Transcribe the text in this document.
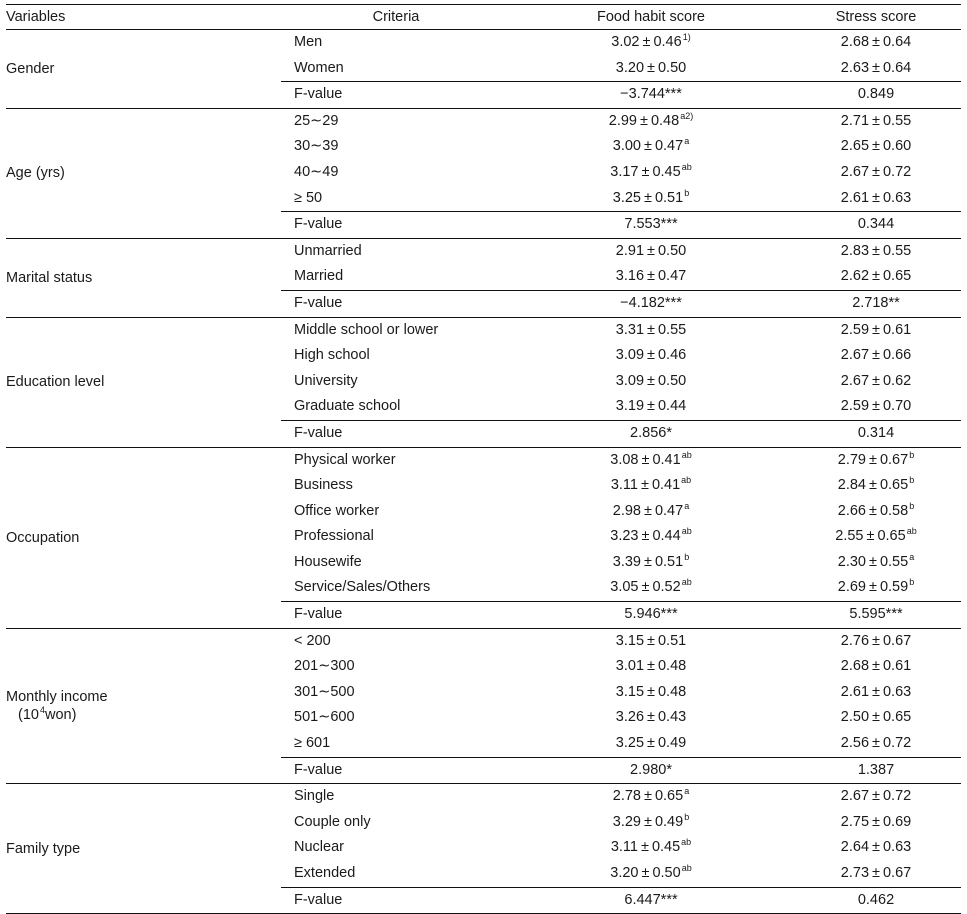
Variables	Criteria	Food habit score	Stress score

Gender	Men	$3.02 \pm 0.46^{1)}$	2.68 ± 0.64
	Women	3.20 ± 0.50	2.63 ± 0.64
	F-value	−3.744***	0.849

Age (yrs)	25∼29	$2.99 \pm 0.48^{a2)}$	2.71 ± 0.55
	30∼39	3.00 ± 0.47$^a$	2.65 ± 0.60
	40∼49	3.17 ± 0.45$^{ab}$	2.67 ± 0.72
	≥ 50	3.25 ± 0.51$^b$	2.61 ± 0.63
	F-value	7.553***	0.344

Marital status	Unmarried	2.91 ± 0.50	2.83 ± 0.55
	Married	3.16 ± 0.47	2.62 ± 0.65
	F-value	−4.182***	2.718**

Education level	Middle school or lower	3.31 ± 0.55	2.59 ± 0.61
	High school	3.09 ± 0.46	2.67 ± 0.66
	University	3.09 ± 0.50	2.67 ± 0.62
	Graduate school	3.19 ± 0.44	2.59 ± 0.70
	F-value	2.856*	0.314

Occupation	Physical worker	3.08 ± 0.41$^{ab}$	2.79 ± 0.67$^b$
	Business	3.11 ± 0.41$^{ab}$	2.84 ± 0.65$^b$
	Office worker	2.98 ± 0.47$^a$	2.66 ± 0.58$^b$
	Professional	3.23 ± 0.44$^{ab}$	2.55 ± 0.65$^{ab}$
	Housewife	3.39 ± 0.51$^b$	2.30 ± 0.55$^a$
	Service/Sales/Others	3.05 ± 0.52$^{ab}$	2.69 ± 0.59$^b$
	F-value	5.946***	5.595***

Monthly income
$(10^4won)$	< 200	3.15 ± 0.51	2.76 ± 0.67
	201∼300	3.01 ± 0.48	2.68 ± 0.61
	301∼500	3.15 ± 0.48	2.61 ± 0.63
	501∼600	3.26 ± 0.43	2.50 ± 0.65
	≥ 601	3.25 ± 0.49	2.56 ± 0.72
	F-value	2.980*	1.387

Family type	Single	2.78 ± 0.65$^a$	2.67 ± 0.72
	Couple only	3.29 ± 0.49$^b$	2.75 ± 0.69
	Nuclear	3.11 ± 0.45$^{ab}$	2.64 ± 0.63
	Extended	3.20 ± 0.50$^{ab}$	2.73 ± 0.67
	F-value	6.447***	0.462
